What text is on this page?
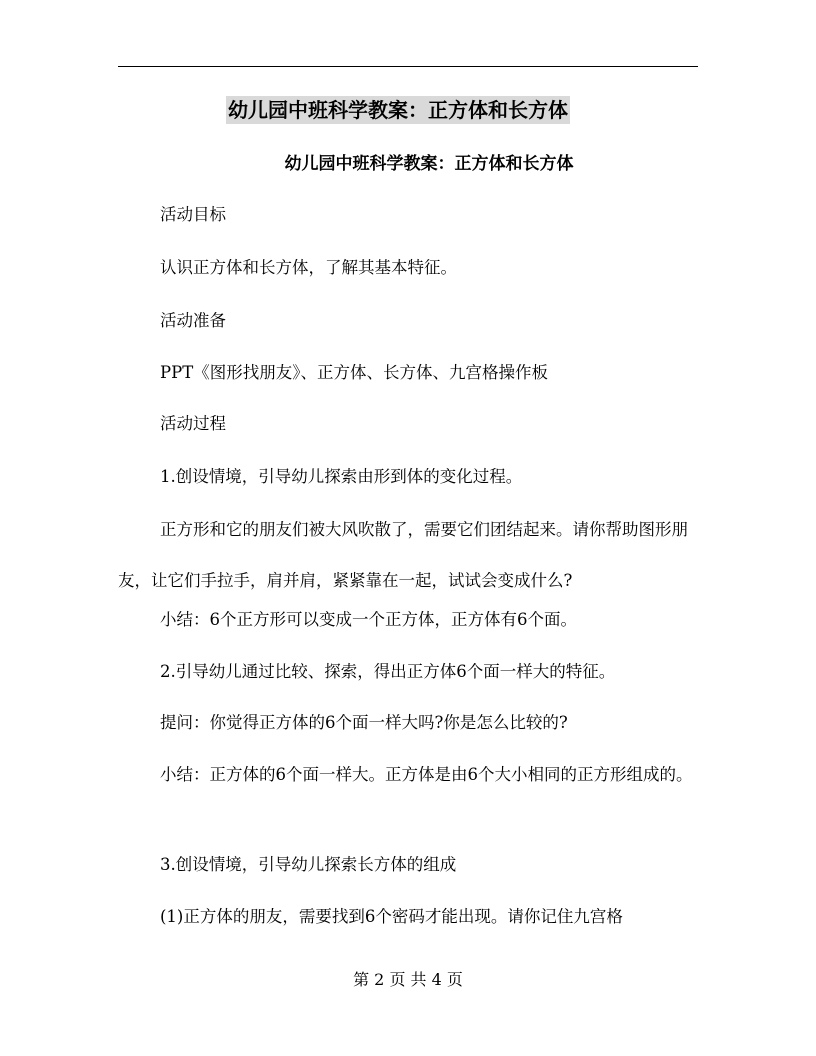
幼儿园中班科学教案：正方体和长方体
幼儿园中班科学教案：正方体和长方体
活动目标
认识正方体和长方体，了解其基本特征。
活动准备
PPT《图形找朋友》、正方体、长方体、九宫格操作板
活动过程
1.创设情境，引导幼儿探索由形到体的变化过程。
正方形和它的朋友们被大风吹散了，需要它们团结起来。请你帮助图形朋友，让它们手拉手，肩并肩，紧紧靠在一起，试试会变成什么?
小结：6个正方形可以变成一个正方体，正方体有6个面。
2.引导幼儿通过比较、探索，得出正方体6个面一样大的特征。
提问：你觉得正方体的6个面一样大吗?你是怎么比较的?
小结：正方体的6个面一样大。正方体是由6个大小相同的正方形组成的。
3.创设情境，引导幼儿探索长方体的组成
(1)正方体的朋友，需要找到6个密码才能出现。请你记住九宫格
第 2 页 共 4 页
